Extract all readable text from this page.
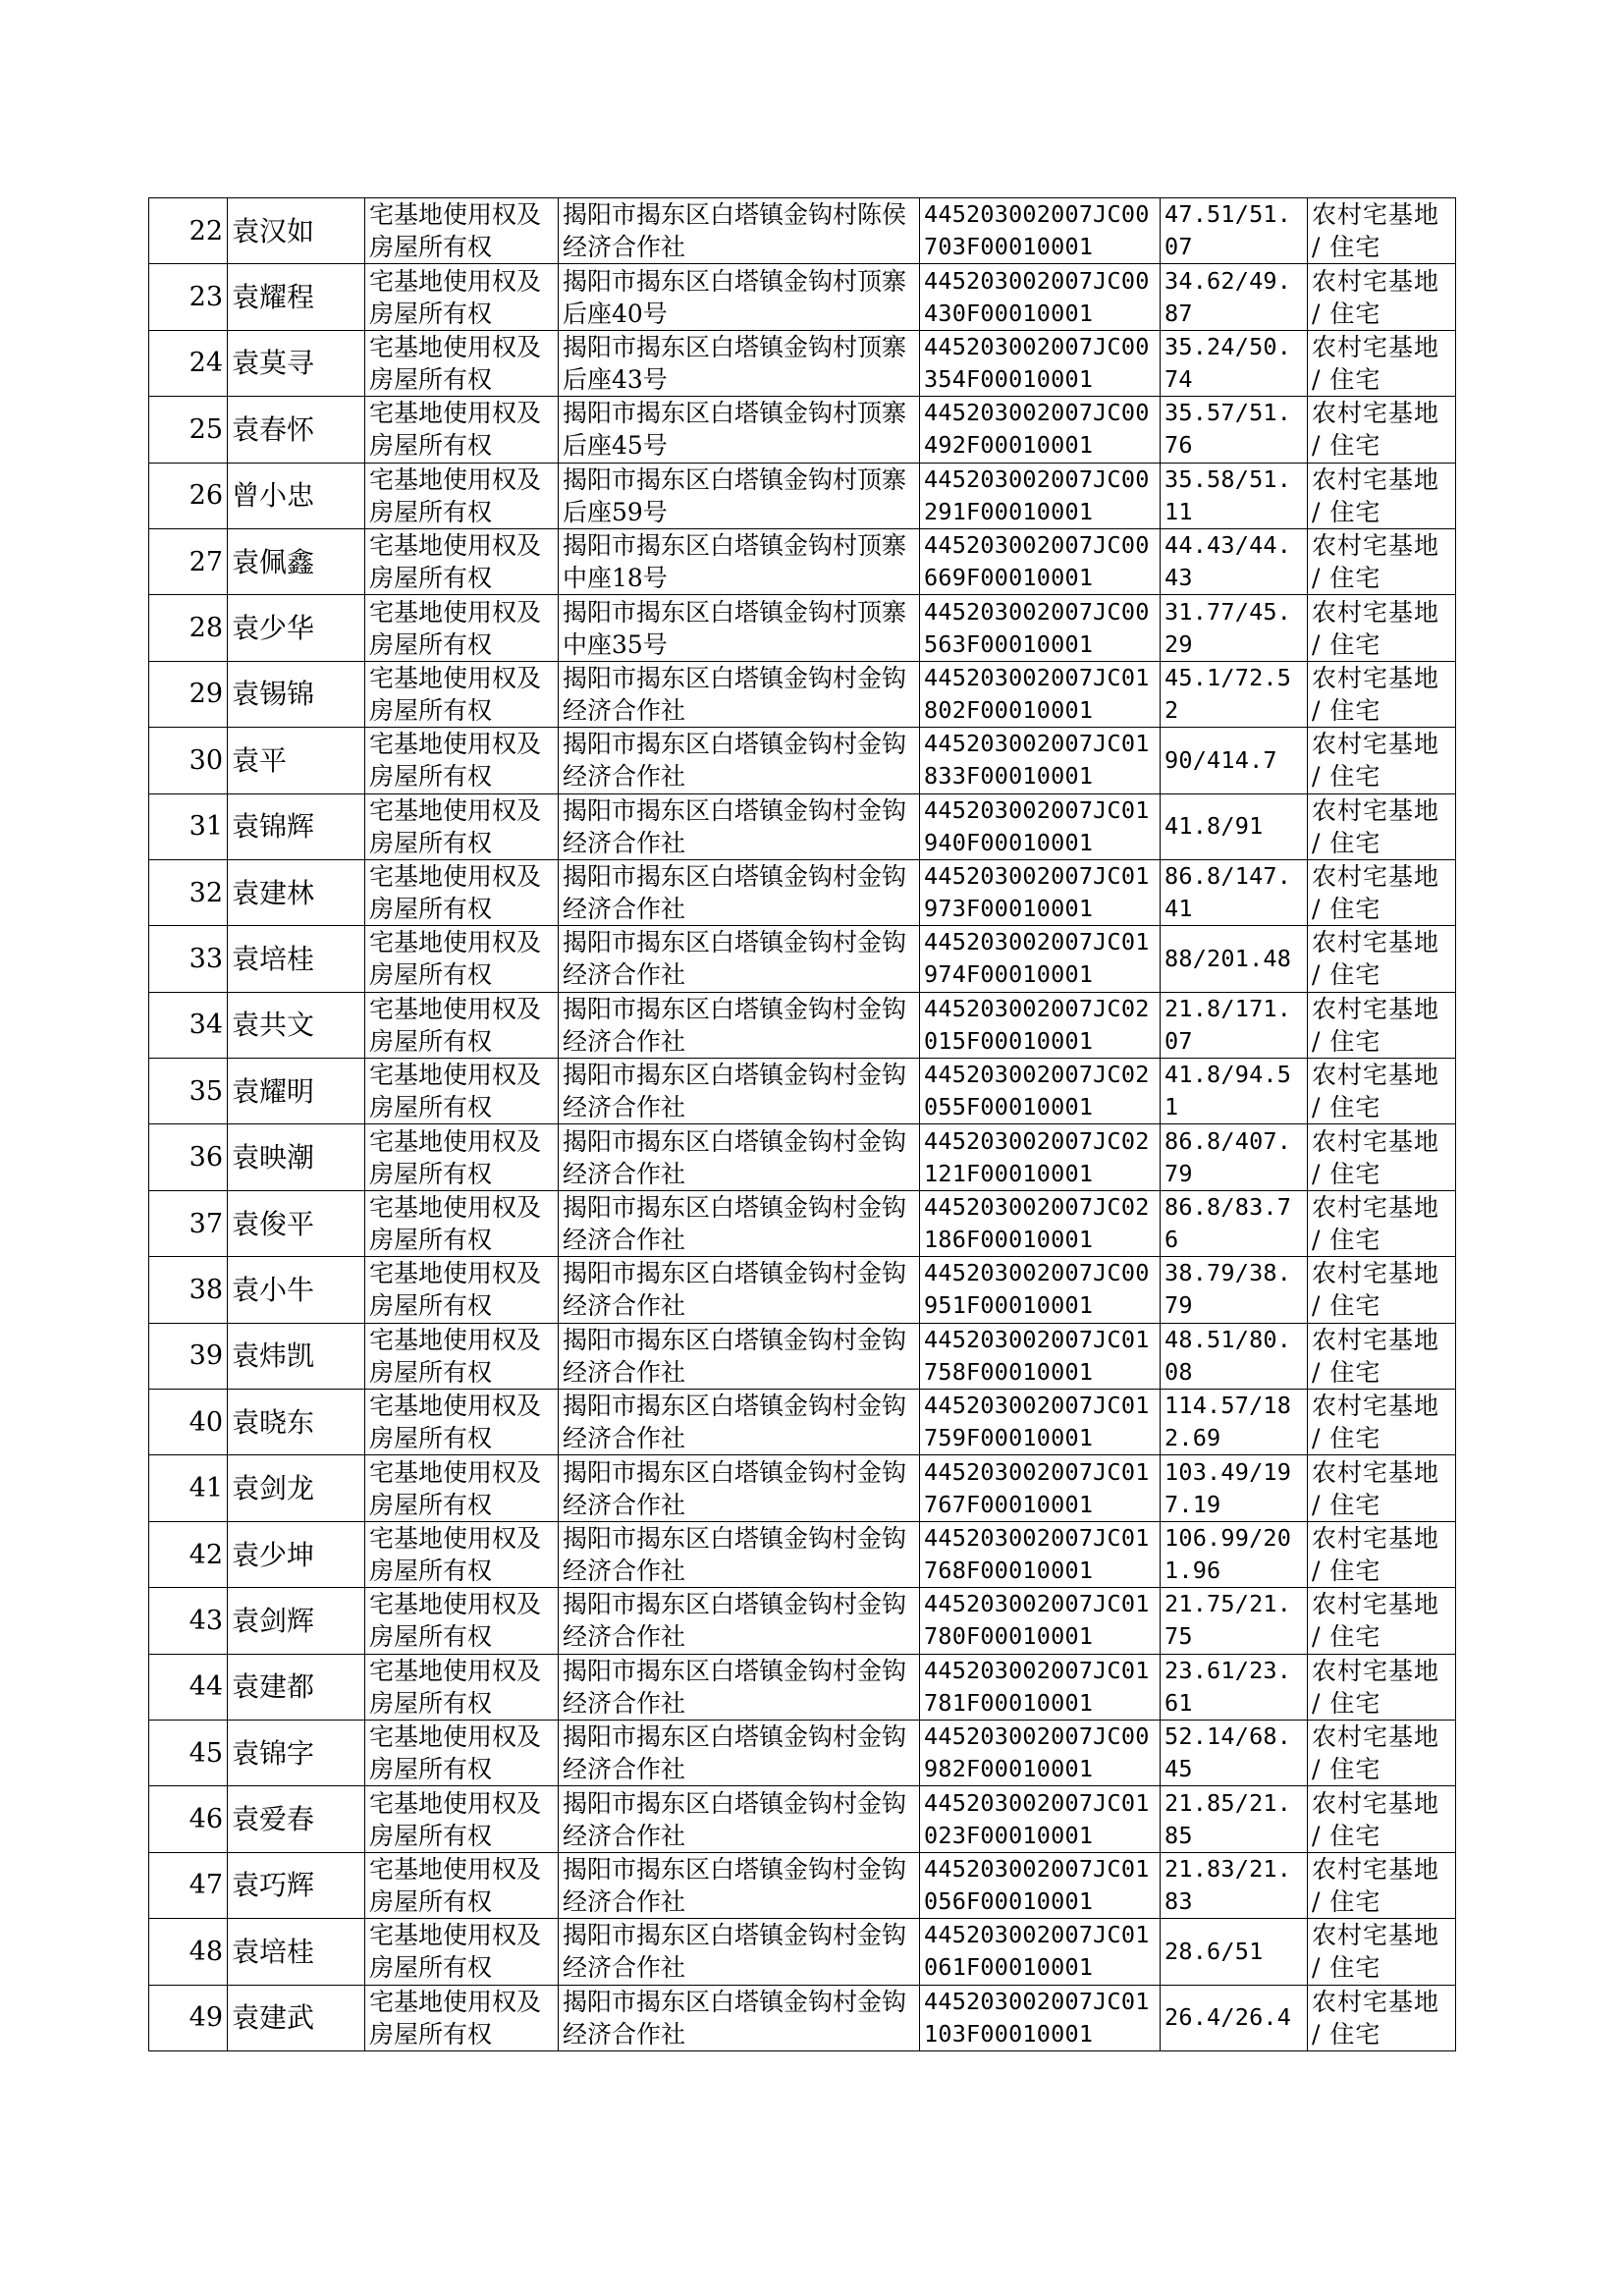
22	袁汉如	宅基地使用权及房屋所有权	揭阳市揭东区白塔镇金钩村陈侯经济合作社	445203002007JC00703F00010001	47.51/51.07	农村宅基地 / 住宅
23	袁耀程	宅基地使用权及房屋所有权	揭阳市揭东区白塔镇金钩村顶寨后座40号	445203002007JC00430F00010001	34.62/49.87	农村宅基地 / 住宅
24	袁莫寻	宅基地使用权及房屋所有权	揭阳市揭东区白塔镇金钩村顶寨后座43号	445203002007JC00354F00010001	35.24/50.74	农村宅基地 / 住宅
25	袁春怀	宅基地使用权及房屋所有权	揭阳市揭东区白塔镇金钩村顶寨后座45号	445203002007JC00492F00010001	35.57/51.76	农村宅基地 / 住宅
26	曾小忠	宅基地使用权及房屋所有权	揭阳市揭东区白塔镇金钩村顶寨后座59号	445203002007JC00291F00010001	35.58/51.11	农村宅基地 / 住宅
27	袁佩鑫	宅基地使用权及房屋所有权	揭阳市揭东区白塔镇金钩村顶寨中座18号	445203002007JC00669F00010001	44.43/44.43	农村宅基地 / 住宅
28	袁少华	宅基地使用权及房屋所有权	揭阳市揭东区白塔镇金钩村顶寨中座35号	445203002007JC00563F00010001	31.77/45.29	农村宅基地 / 住宅
29	袁锡锦	宅基地使用权及房屋所有权	揭阳市揭东区白塔镇金钩村金钩经济合作社	445203002007JC01802F00010001	45.1/72.52	农村宅基地 / 住宅
30	袁平	宅基地使用权及房屋所有权	揭阳市揭东区白塔镇金钩村金钩经济合作社	445203002007JC01833F00010001	90/414.7	农村宅基地 / 住宅
31	袁锦辉	宅基地使用权及房屋所有权	揭阳市揭东区白塔镇金钩村金钩经济合作社	445203002007JC01940F00010001	41.8/91	农村宅基地 / 住宅
32	袁建林	宅基地使用权及房屋所有权	揭阳市揭东区白塔镇金钩村金钩经济合作社	445203002007JC01973F00010001	86.8/147.41	农村宅基地 / 住宅
33	袁培桂	宅基地使用权及房屋所有权	揭阳市揭东区白塔镇金钩村金钩经济合作社	445203002007JC01974F00010001	88/201.48	农村宅基地 / 住宅
34	袁共文	宅基地使用权及房屋所有权	揭阳市揭东区白塔镇金钩村金钩经济合作社	445203002007JC02015F00010001	21.8/171.07	农村宅基地 / 住宅
35	袁耀明	宅基地使用权及房屋所有权	揭阳市揭东区白塔镇金钩村金钩经济合作社	445203002007JC02055F00010001	41.8/94.51	农村宅基地 / 住宅
36	袁映潮	宅基地使用权及房屋所有权	揭阳市揭东区白塔镇金钩村金钩经济合作社	445203002007JC02121F00010001	86.8/407.79	农村宅基地 / 住宅
37	袁俊平	宅基地使用权及房屋所有权	揭阳市揭东区白塔镇金钩村金钩经济合作社	445203002007JC02186F00010001	86.8/83.76	农村宅基地 / 住宅
38	袁小牛	宅基地使用权及房屋所有权	揭阳市揭东区白塔镇金钩村金钩经济合作社	445203002007JC00951F00010001	38.79/38.79	农村宅基地 / 住宅
39	袁炜凯	宅基地使用权及房屋所有权	揭阳市揭东区白塔镇金钩村金钩经济合作社	445203002007JC01758F00010001	48.51/80.08	农村宅基地 / 住宅
40	袁晓东	宅基地使用权及房屋所有权	揭阳市揭东区白塔镇金钩村金钩经济合作社	445203002007JC01759F00010001	114.57/182.69	农村宅基地 / 住宅
41	袁剑龙	宅基地使用权及房屋所有权	揭阳市揭东区白塔镇金钩村金钩经济合作社	445203002007JC01767F00010001	103.49/197.19	农村宅基地 / 住宅
42	袁少坤	宅基地使用权及房屋所有权	揭阳市揭东区白塔镇金钩村金钩经济合作社	445203002007JC01768F00010001	106.99/201.96	农村宅基地 / 住宅
43	袁剑辉	宅基地使用权及房屋所有权	揭阳市揭东区白塔镇金钩村金钩经济合作社	445203002007JC01780F00010001	21.75/21.75	农村宅基地 / 住宅
44	袁建都	宅基地使用权及房屋所有权	揭阳市揭东区白塔镇金钩村金钩经济合作社	445203002007JC01781F00010001	23.61/23.61	农村宅基地 / 住宅
45	袁锦字	宅基地使用权及房屋所有权	揭阳市揭东区白塔镇金钩村金钩经济合作社	445203002007JC00982F00010001	52.14/68.45	农村宅基地 / 住宅
46	袁爱春	宅基地使用权及房屋所有权	揭阳市揭东区白塔镇金钩村金钩经济合作社	445203002007JC01023F00010001	21.85/21.85	农村宅基地 / 住宅
47	袁巧辉	宅基地使用权及房屋所有权	揭阳市揭东区白塔镇金钩村金钩经济合作社	445203002007JC01056F00010001	21.83/21.83	农村宅基地 / 住宅
48	袁培桂	宅基地使用权及房屋所有权	揭阳市揭东区白塔镇金钩村金钩经济合作社	445203002007JC01061F00010001	28.6/51	农村宅基地 / 住宅
49	袁建武	宅基地使用权及房屋所有权	揭阳市揭东区白塔镇金钩村金钩经济合作社	445203002007JC01103F00010001	26.4/26.4	农村宅基地 / 住宅
